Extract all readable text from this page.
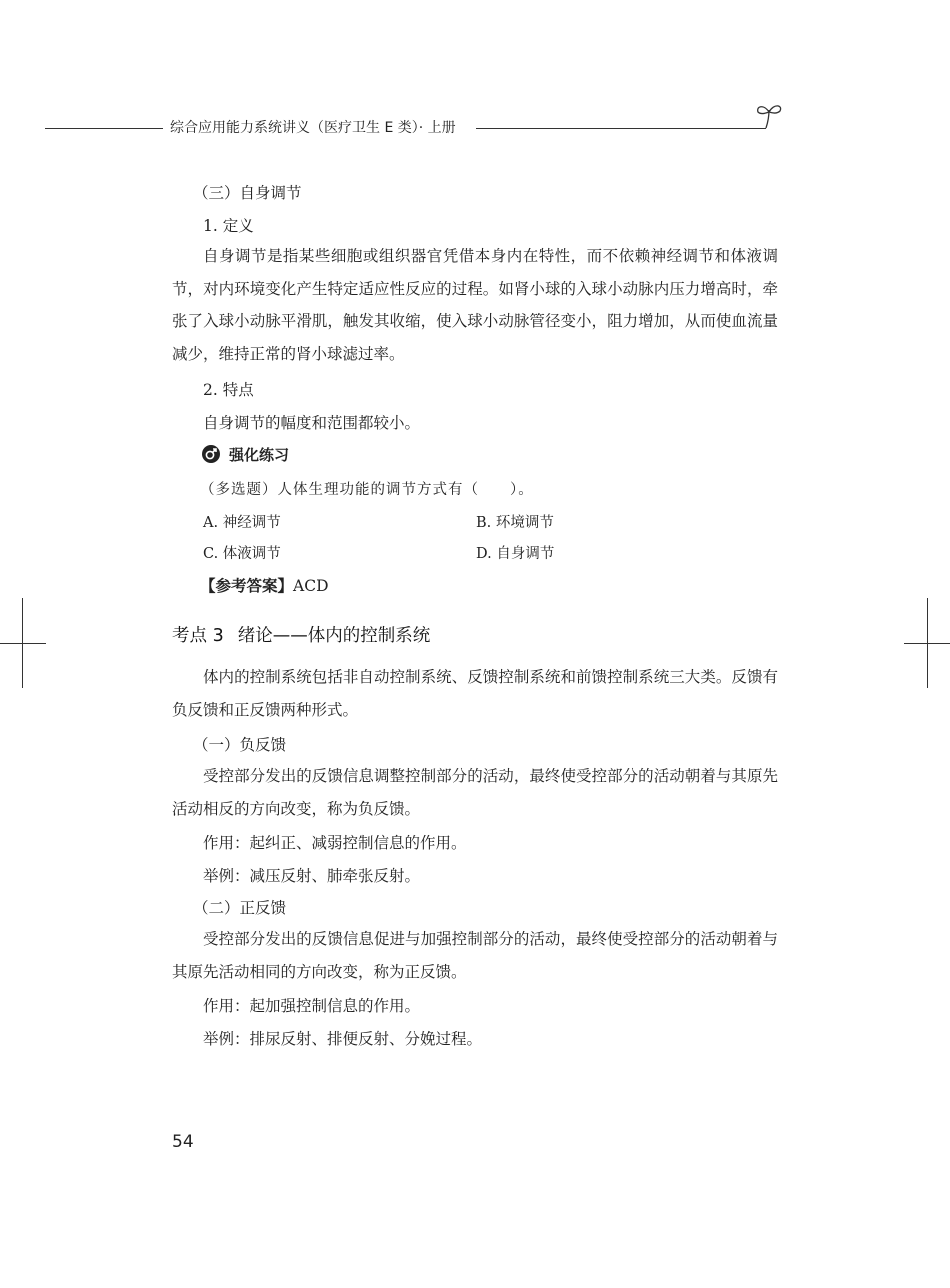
综合应用能力系统讲义（医疗卫生 E 类）· 上册
（三）自身调节
1. 定义
自身调节是指某些细胞或组织器官凭借本身内在特性，而不依赖神经调节和体液调节，对内环境变化产生特定适应性反应的过程。如肾小球的入球小动脉内压力增高时，牵张了入球小动脉平滑肌，触发其收缩，使入球小动脉管径变小，阻力增加，从而使血流量减少，维持正常的肾小球滤过率。
2. 特点
自身调节的幅度和范围都较小。
强化练习
（多选题）人体生理功能的调节方式有（　　）。
A. 神经调节	B. 环境调节
C. 体液调节	D. 自身调节
【参考答案】ACD
考点 3 绪论——体内的控制系统
体内的控制系统包括非自动控制系统、反馈控制系统和前馈控制系统三大类。反馈有负反馈和正反馈两种形式。
（一）负反馈
受控部分发出的反馈信息调整控制部分的活动，最终使受控部分的活动朝着与其原先活动相反的方向改变，称为负反馈。
作用：起纠正、减弱控制信息的作用。
举例：减压反射、肺牵张反射。
（二）正反馈
受控部分发出的反馈信息促进与加强控制部分的活动，最终使受控部分的活动朝着与其原先活动相同的方向改变，称为正反馈。
作用：起加强控制信息的作用。
举例：排尿反射、排便反射、分娩过程。
54
